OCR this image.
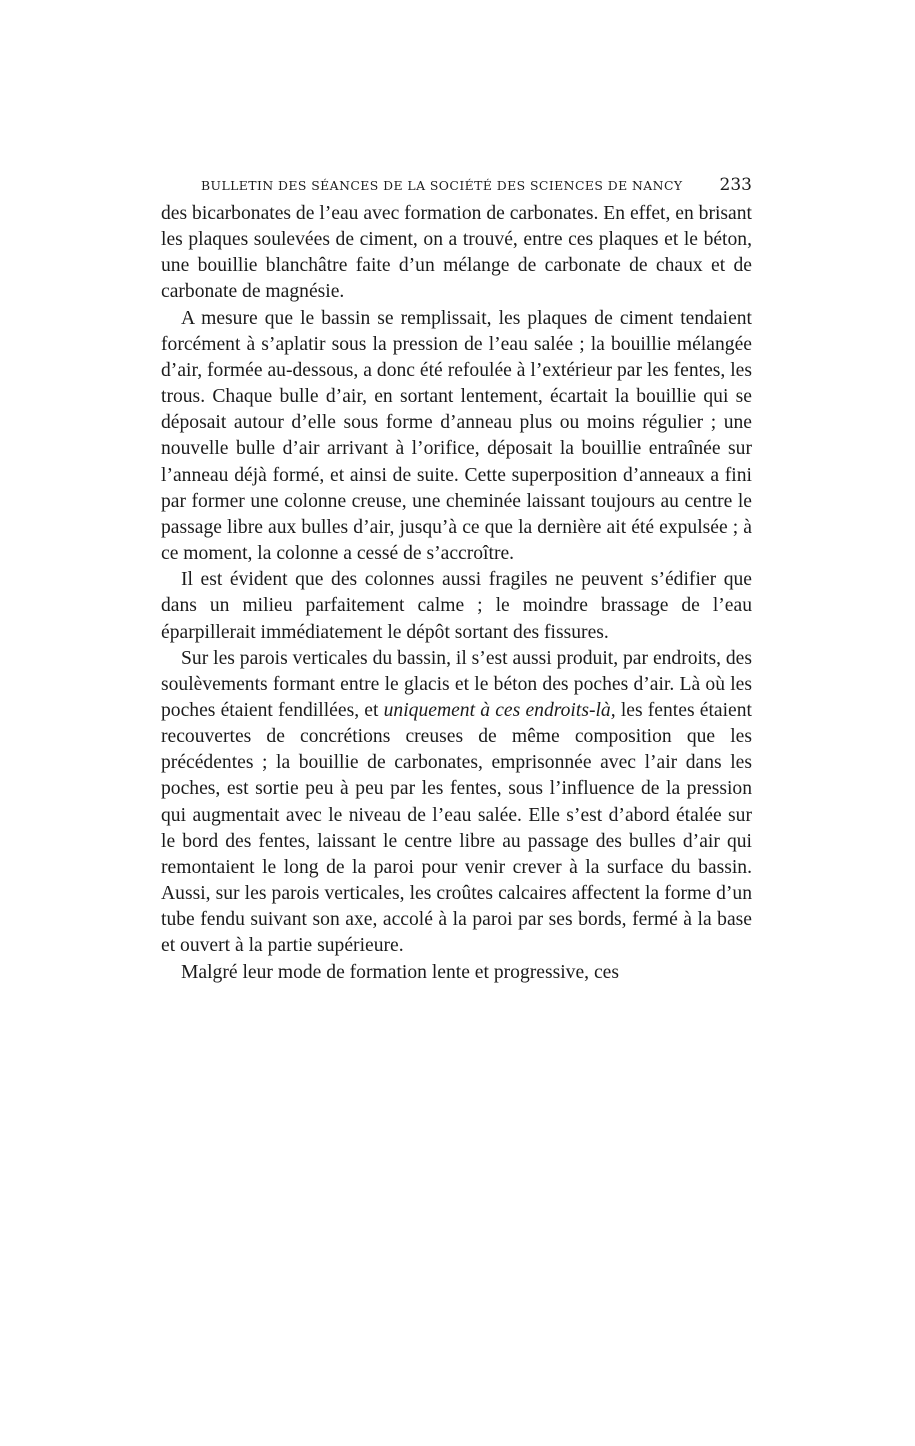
BULLETIN DES SÉANCES DE LA SOCIÉTÉ DES SCIENCES DE NANCY 233

des bicarbonates de l’eau avec formation de carbonates. En effet, en brisant les plaques soulevées de ciment, on a trouvé, entre ces plaques et le béton, une bouillie blanchâtre faite d’un mélange de carbonate de chaux et de carbonate de magnésie.

A mesure que le bassin se remplissait, les plaques de ciment tendaient forcément à s’aplatir sous la pression de l’eau salée ; la bouillie mélangée d’air, formée au-dessous, a donc été refoulée à l’extérieur par les fentes, les trous. Chaque bulle d’air, en sortant lentement, écartait la bouillie qui se déposait autour d’elle sous forme d’anneau plus ou moins régulier ; une nouvelle bulle d’air arrivant à l’orifice, déposait la bouillie entraînée sur l’anneau déjà formé, et ainsi de suite. Cette superposition d’anneaux a fini par former une colonne creuse, une cheminée laissant toujours au centre le passage libre aux bulles d’air, jusqu’à ce que la dernière ait été expulsée ; à ce moment, la colonne a cessé de s’accroître.

Il est évident que des colonnes aussi fragiles ne peuvent s’édifier que dans un milieu parfaitement calme ; le moindre brassage de l’eau éparpillerait immédiatement le dépôt sortant des fissures.

Sur les parois verticales du bassin, il s’est aussi produit, par endroits, des soulèvements formant entre le glacis et le béton des poches d’air. Là où les poches étaient fendillées, et uniquement à ces endroits-là, les fentes étaient recouvertes de concrétions creuses de même composition que les précédentes ; la bouillie de carbonates, emprisonnée avec l’air dans les poches, est sortie peu à peu par les fentes, sous l’influence de la pression qui augmentait avec le niveau de l’eau salée. Elle s’est d’abord étalée sur le bord des fentes, laissant le centre libre au passage des bulles d’air qui remontaient le long de la paroi pour venir crever à la surface du bassin. Aussi, sur les parois verticales, les croûtes calcaires affectent la forme d’un tube fendu suivant son axe, accolé à la paroi par ses bords, fermé à la base et ouvert à la partie supérieure.

Malgré leur mode de formation lente et progressive, ces
